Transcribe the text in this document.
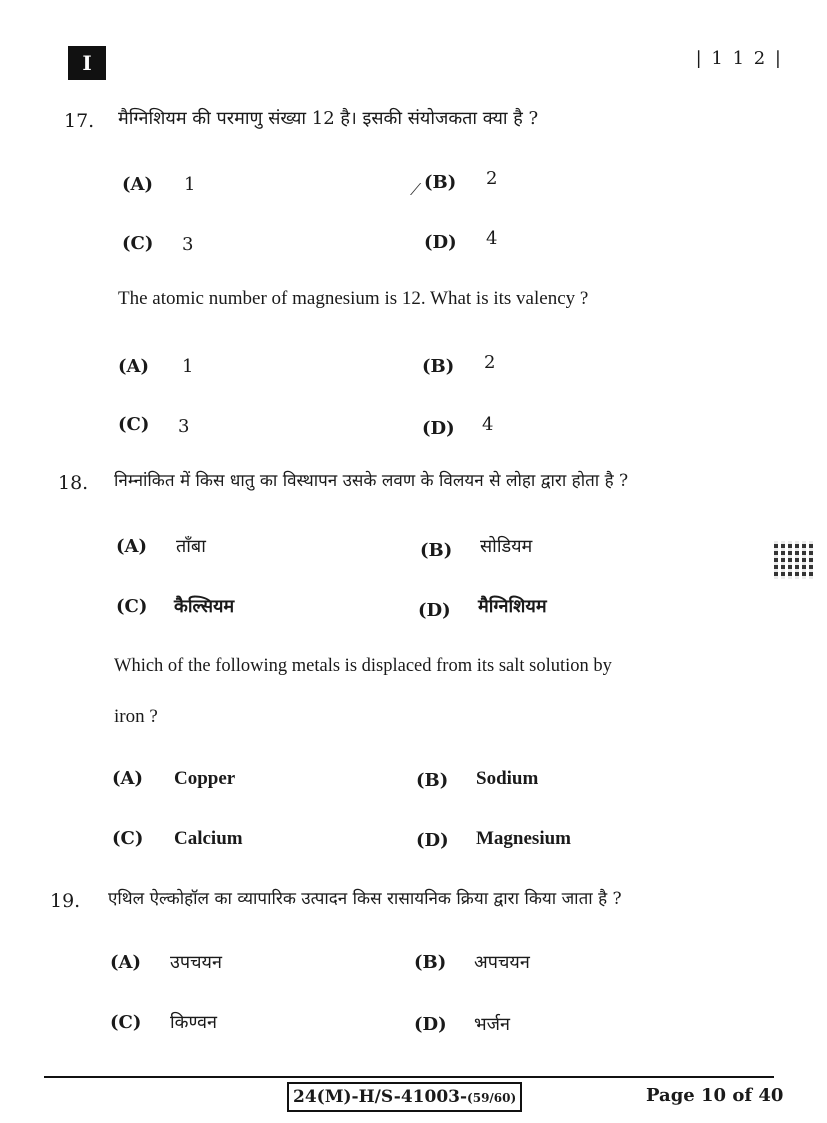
I	| 1 1 2 |
17. मैग्निशियम की परमाणु संख्या 12 है। इसकी संयोजकता क्या है ?
(A) 1	⟋ (B) 2
(C) 3	(D) 4
The atomic number of magnesium is 12. What is its valency ?
(A) 1	(B) 2
(C) 3	(D) 4
18. निम्नांकित में किस धातु का विस्थापन उसके लवण के विलयन से लोहा द्वारा होता है ?
(A) ताँबा	(B) सोडियम
(C) कैल्सियम	(D) मैग्निशियम
Which of the following metals is displaced from its salt solution by
iron ?
(A) Copper	(B) Sodium
(C) Calcium	(D) Magnesium
19. एथिल ऐल्कोहॉल का व्यापारिक उत्पादन किस रासायनिक क्रिया द्वारा किया जाता है ?
(A) उपचयन	(B) अपचयन
(C) किण्वन	(D) भर्जन
24(M)-H/S-41003-(59/60)	Page 10 of 40
